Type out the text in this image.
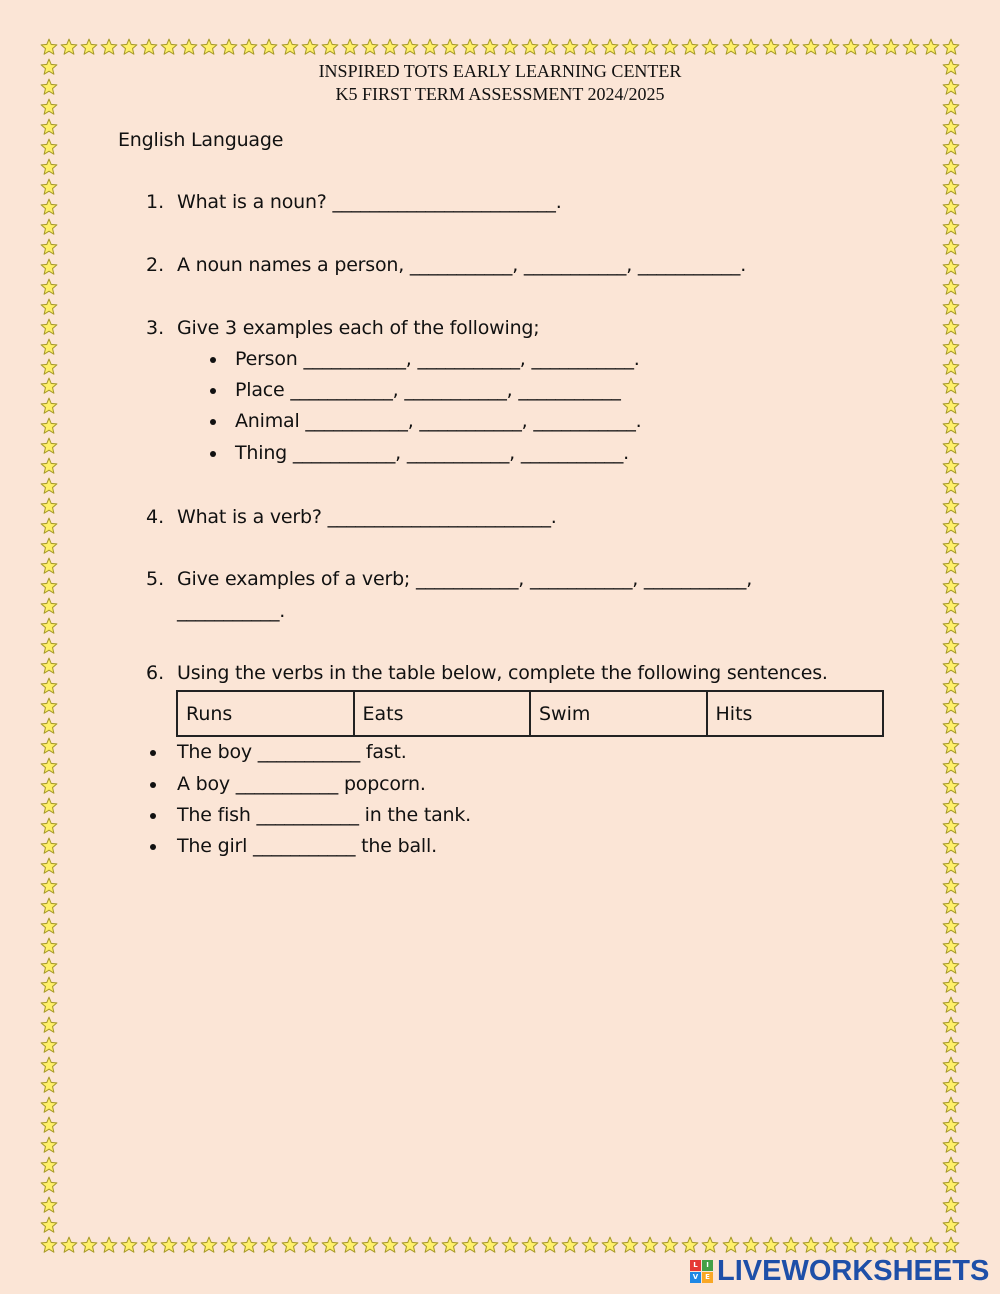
INSPIRED TOTS EARLY LEARNING CENTER
K5 FIRST TERM ASSESSMENT 2024/2025
English Language
1. What is a noun? ________________________.
2. A noun names a person, ___________, ___________, ___________.
3. Give 3 examples each of the following;
Person ___________, ___________, ___________.
Place ___________, ___________, ___________
Animal ___________, ___________, ___________.
Thing ___________, ___________, ___________.
4. What is a verb? ________________________.
5. Give examples of a verb; ___________, ___________, ___________,
___________.
6. Using the verbs in the table below, complete the following sentences.
Runs	Eats	Swim	Hits
The boy ___________ fast.
A boy ___________ popcorn.
The fish ___________ in the tank.
The girl ___________ the ball.
L	I
V E LIVEWORKSHEETS
